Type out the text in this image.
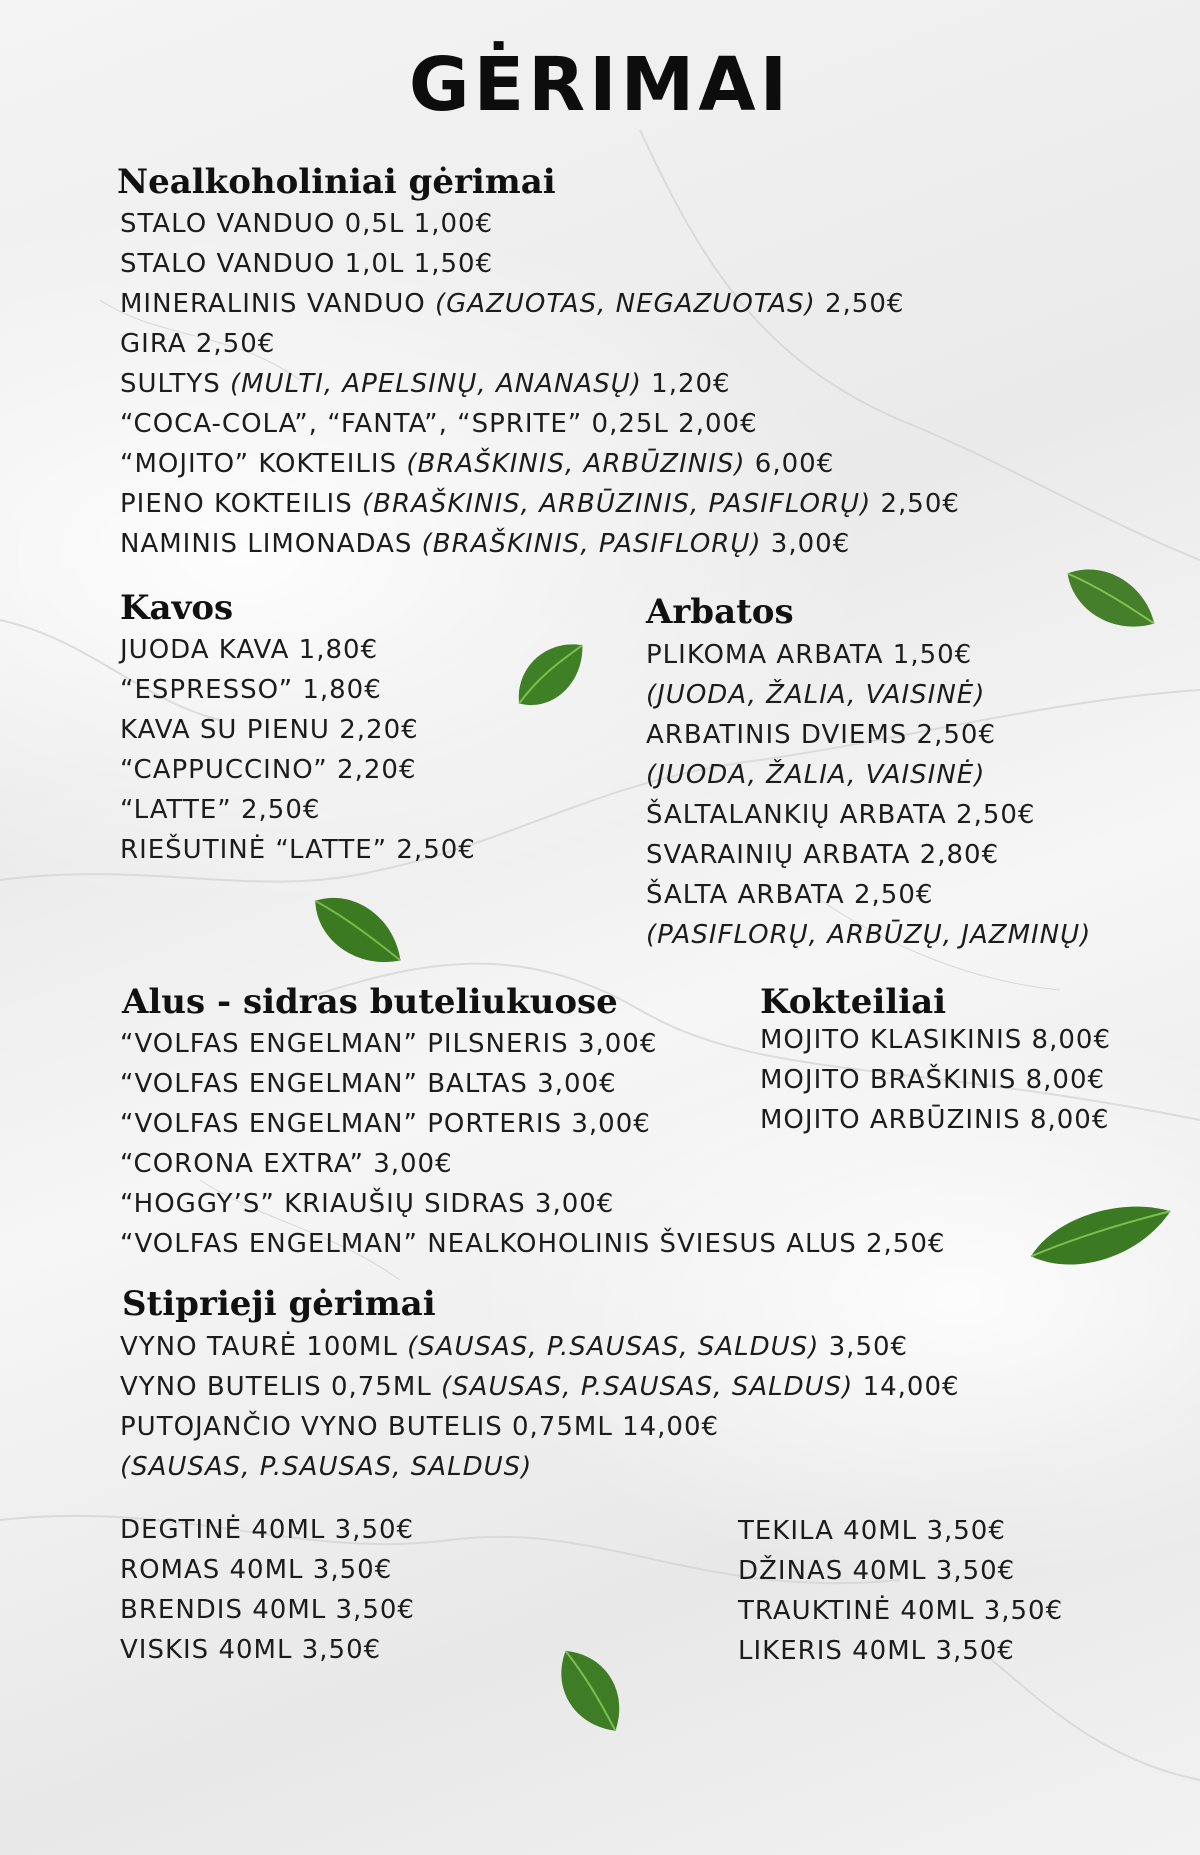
GĖRIMAI
Nealkoholiniai gėrimai
STALO VANDUO 0,5L 1,00€
STALO VANDUO 1,0L 1,50€
MINERALINIS VANDUO (GAZUOTAS, NEGAZUOTAS) 2,50€
GIRA 2,50€
SULTYS (MULTI, APELSINŲ, ANANASŲ) 1,20€
“COCA-COLA”, “FANTA”, “SPRITE” 0,25L 2,00€
“MOJITO” KOKTEILIS (BRAŠKINIS, ARBŪZINIS) 6,00€
PIENO KOKTEILIS (BRAŠKINIS, ARBŪZINIS, PASIFLORŲ) 2,50€
NAMINIS LIMONADAS (BRAŠKINIS, PASIFLORŲ) 3,00€
Kavos
JUODA KAVA 1,80€
“ESPRESSO” 1,80€
KAVA SU PIENU 2,20€
“CAPPUCCINO” 2,20€
“LATTE” 2,50€
RIEŠUTINĖ “LATTE” 2,50€
Arbatos
PLIKOMA ARBATA 1,50€
(JUODA, ŽALIA, VAISINĖ)
ARBATINIS DVIEMS 2,50€
(JUODA, ŽALIA, VAISINĖ)
ŠALTALANKIŲ ARBATA 2,50€
SVARAINIŲ ARBATA 2,80€
ŠALTA ARBATA 2,50€
(PASIFLORŲ, ARBŪZŲ, JAZMINŲ)
Alus - sidras buteliukuose
“VOLFAS ENGELMAN” PILSNERIS 3,00€
“VOLFAS ENGELMAN” BALTAS 3,00€
“VOLFAS ENGELMAN” PORTERIS 3,00€
“CORONA EXTRA” 3,00€
“HOGGY’S” KRIAUŠIŲ SIDRAS 3,00€
“VOLFAS ENGELMAN” NEALKOHOLINIS ŠVIESUS ALUS 2,50€
Kokteiliai
MOJITO KLASIKINIS 8,00€
MOJITO BRAŠKINIS 8,00€
MOJITO ARBŪZINIS 8,00€
Stiprieji gėrimai
VYNO TAURĖ 100ML (SAUSAS, P.SAUSAS, SALDUS) 3,50€
VYNO BUTELIS 0,75ML (SAUSAS, P.SAUSAS, SALDUS) 14,00€
PUTOJANČIO VYNO BUTELIS 0,75ML 14,00€
(SAUSAS, P.SAUSAS, SALDUS)
DEGTINĖ 40ML 3,50€
ROMAS 40ML 3,50€
BRENDIS 40ML 3,50€
VISKIS 40ML 3,50€
TEKILA 40ML 3,50€
DŽINAS 40ML 3,50€
TRAUKTINĖ 40ML 3,50€
LIKERIS 40ML 3,50€
